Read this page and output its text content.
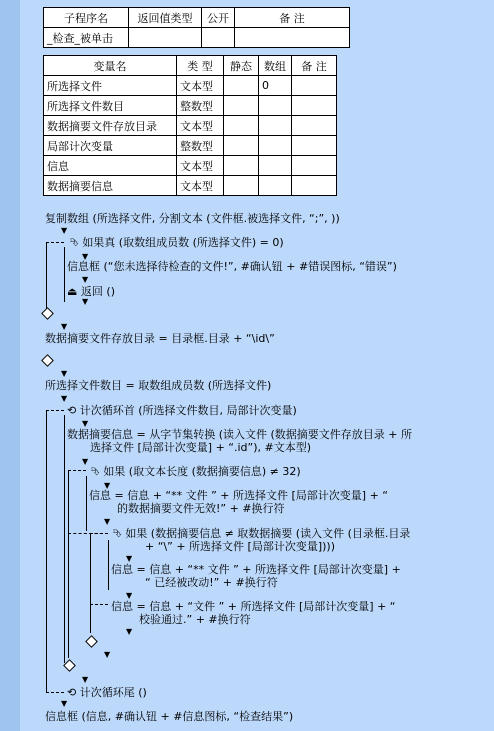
子程序名	返回值类型	公开	备 注
_检查_被单击			
变量名	类 型	静态	数组	备 注
所选择文件	文本型		0	
所选择文件数目	整数型			
数据摘要文件存放目录	文本型			
局部计次变量	整数型			
信息	文本型			
数据摘要信息	文本型			
▼
▼
▼
▼
▼
▼
▼
▼
▼
▼
▼
▼
▼
▼
▼
▼
▼
复制数组 (所选择文件, 分割文本 (文件框.被选择文件, “;”, ))
⮷ 如果真 (取数组成员数 (所选择文件) = 0)
信息框 (“您未选择待检查的文件!”, #确认钮 + #错误图标, “错误”)
⏏ 返回 ()
数据摘要文件存放目录 = 目录框.目录 + “\id\”
所选择文件数目 = 取数组成员数 (所选择文件)
⟲ 计次循环首 (所选择文件数目, 局部计次变量)
数据摘要信息 = 从字节集转换 (读入文件 (数据摘要文件存放目录 + 所
选择文件 [局部计次变量] + “.id”), #文本型)
⮷ 如果 (取文本长度 (数据摘要信息) ≠ 32)
信息 = 信息 + “** 文件 ” + 所选择文件 [局部计次变量] + “
的数据摘要文件无效!” + #换行符
⮷ 如果 (数据摘要信息 ≠ 取数据摘要 (读入文件 (目录框.目录
+ “\” + 所选择文件 [局部计次变量])))
信息 = 信息 + “** 文件 ” + 所选择文件 [局部计次变量] +
“ 已经被改动!” + #换行符
信息 = 信息 + “文件 ” + 所选择文件 [局部计次变量] + “
校验通过.” + #换行符
⟲ 计次循环尾 ()
信息框 (信息, #确认钮 + #信息图标, “检查结果”)
